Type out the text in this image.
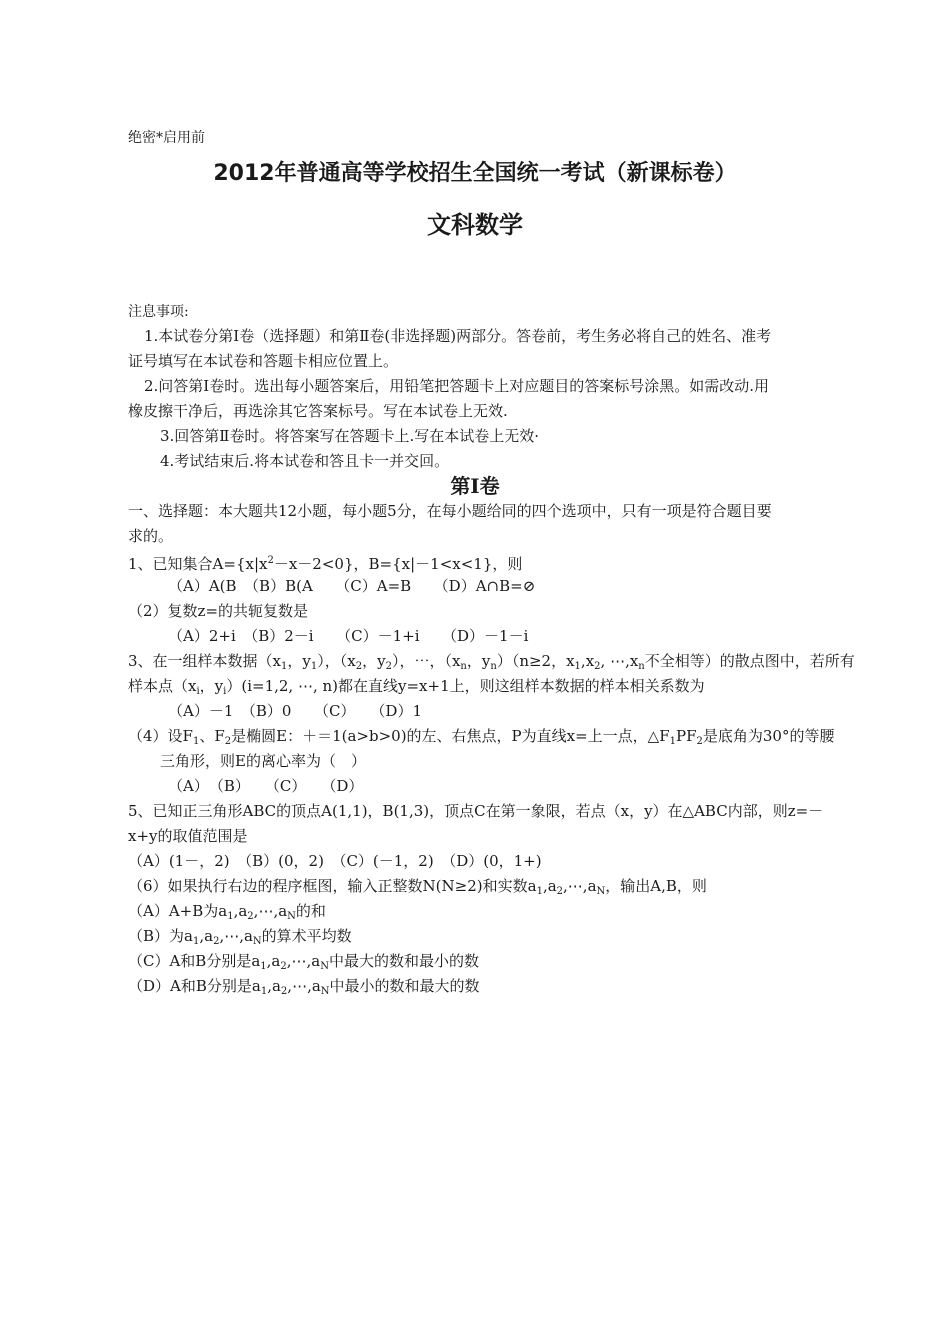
绝密*启用前
2012年普通高等学校招生全国统一考试（新课标卷）
文科数学
注息事项:
1.本试卷分第Ⅰ卷（选择题）和第Ⅱ卷(非选择题)两部分。答卷前，考生务必将自己的姓名、准考
证号填写在本试卷和答题卡相应位置上。
2.问答第Ⅰ卷时。选出每小题答案后，用铅笔把答题卡上对应题目的答案标号涂黑。如需改动.用
橡皮擦干净后，再选涂其它答案标号。写在本试卷上无效.
3.回答第Ⅱ卷时。将答案写在答题卡上.写在本试卷上无效·
4.考试结束后.将本试卷和答且卡一并交回。
第Ⅰ卷
一、选择题：本大题共12小题，每小题5分，在每小题给同的四个选项中，只有一项是符合题目要
求的。
1、已知集合$A=\{x|x^2-x-2<0\}$，B={x|－1<x<1}，则
（A）A(B　（B）B(A　　（C）A=B　　（D）A∩B=⊘
（2）复数z=的共轭复数是
（A）2+i　（B）2－i　　（C）－1+i　　（D）－1－i
3、在一组样本数据（$x_1$，$y_1$），（$x_2$，$y_2$），⋯，（$x_n$，$y_n)(n\ge 2$，$x_1,x_2$, $\cdots,x_n$不全相等）的散点图中，若所有
样本点（$x_i$，$y_i)(i=1,2$, ⋯, n)都在直线y=x+1上，则这组样本数据的样本相关系数为
（A）－1　（B）0　　（C）　　（D）1
（4）设$F_1$、$F_2$是椭圆E：＋＝1(a>b>0)的左、右焦点，P为直线x=上一点，$\triangle F_1PF_2$是底角为30°的等腰
三角形，则E的离心率为（　）
（A）　（B）　　（C）　　（D）
5、已知正三角形ABC的顶点A(1,1)，B(1,3)，顶点C在第一象限，若点（x，y）在△ABC内部，则z=－
x+y的取值范围是
（A）(1－，2)　（B）(0，2)　（C）(－1，2)　（D）(0，1+)
（6）如果执行右边的程序框图，输入正整数N(N≥2)和实数$a_1,a_2,\cdots,a_N$，输出A,B，则
（A）A+B为$a_1,a_2,\cdots,a_N$的和
（B）为$a_1,a_2,\cdots,a_N$的算术平均数
（C）A和B分别是$a_1,a_2,\cdots,a_N$中最大的数和最小的数
（D）A和B分别是$a_1,a_2,\cdots,a_N$中最小的数和最大的数
